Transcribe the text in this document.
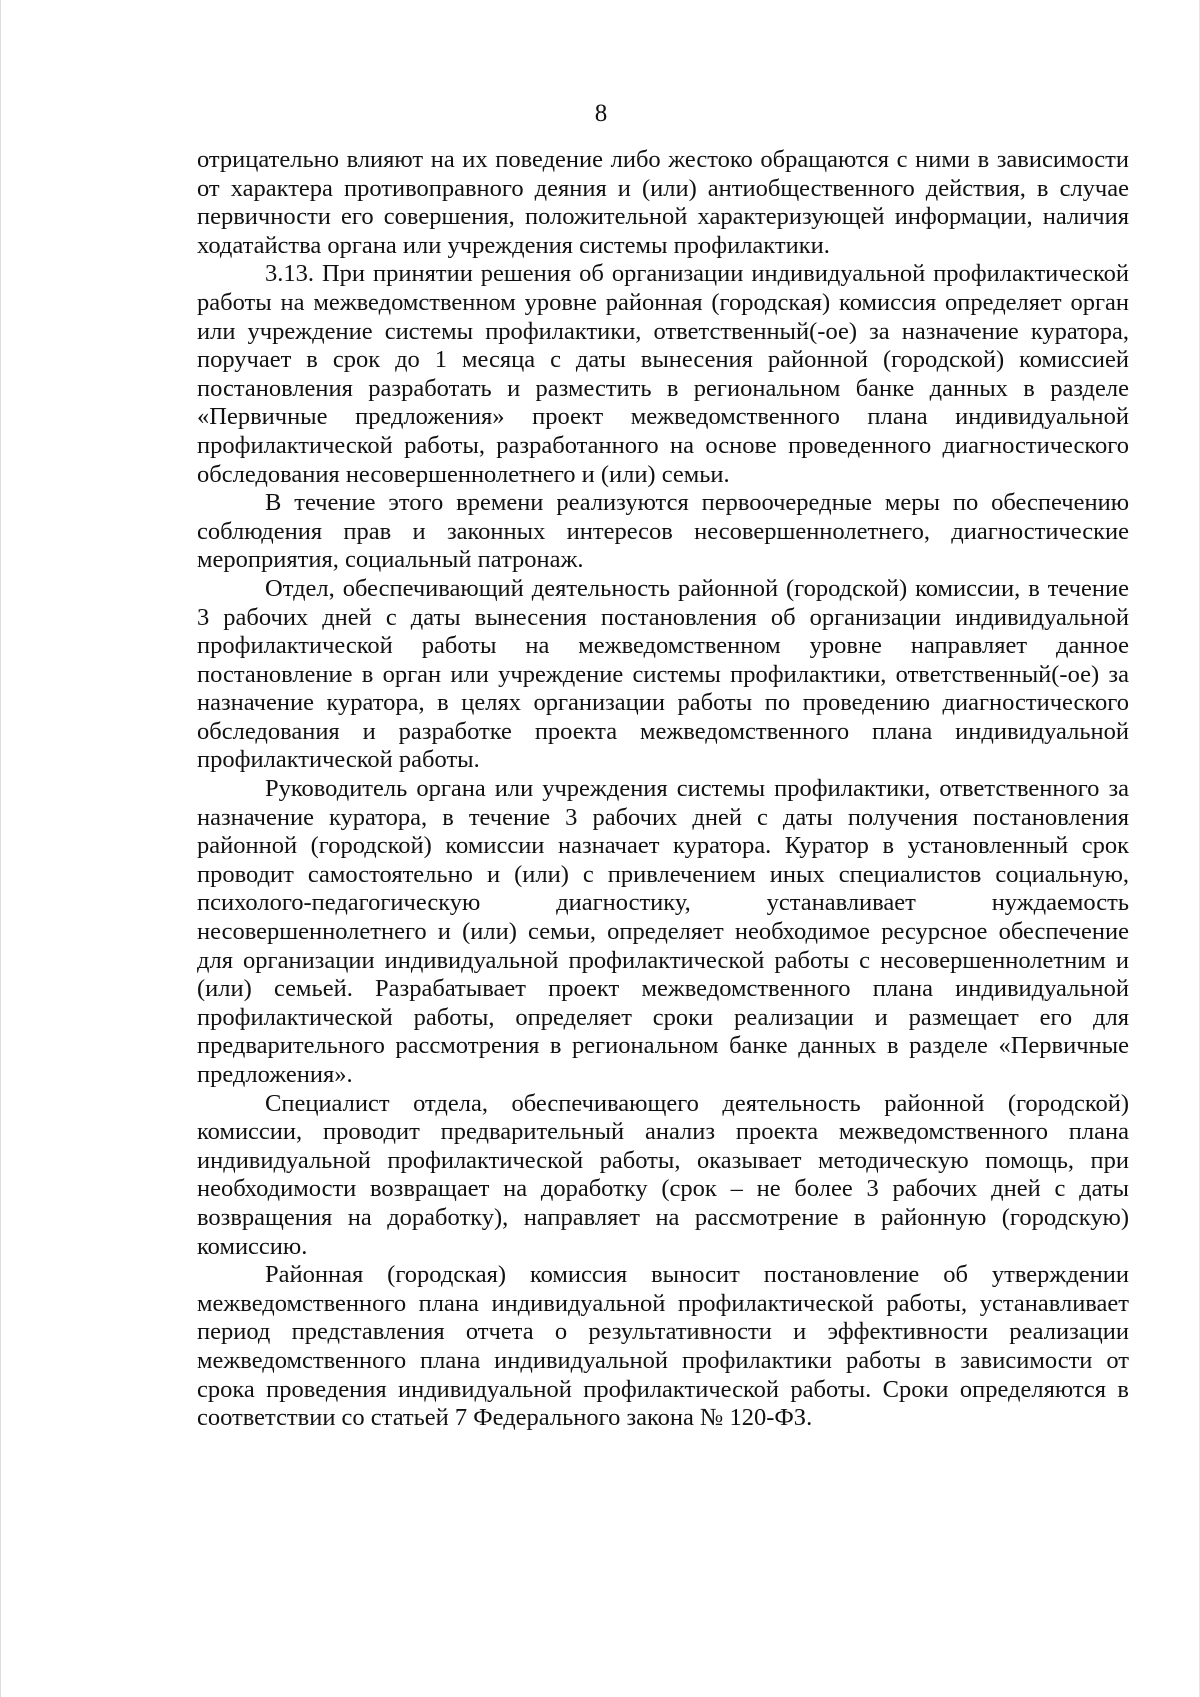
8

отрицательно влияют на их поведение либо жестоко обращаются с ними в зависимости от характера противоправного деяния и (или) антиобщественного действия, в случае первичности его совершения, положительной характеризующей информации, наличия ходатайства органа или учреждения системы профилактики.

3.13. При принятии решения об организации индивидуальной профилактической работы на межведомственном уровне районная (городская) комиссия определяет орган или учреждение системы профилактики, ответственный(-ое) за назначение куратора, поручает в срок до 1 месяца с даты вынесения районной (городской) комиссией постановления разработать и разместить в региональном банке данных в разделе «Первичные предложения» проект межведомственного плана индивидуальной профилактической работы, разработанного на основе проведенного диагностического обследования несовершеннолетнего и (или) семьи.

В течение этого времени реализуются первоочередные меры по обеспечению соблюдения прав и законных интересов несовершеннолетнего, диагностические мероприятия, социальный патронаж.

Отдел, обеспечивающий деятельность районной (городской) комиссии, в течение 3 рабочих дней с даты вынесения постановления об организации индивидуальной профилактической работы на межведомственном уровне направляет данное постановление в орган или учреждение системы профилактики, ответственный(-ое) за назначение куратора, в целях организации работы по проведению диагностического обследования и разработке проекта межведомственного плана индивидуальной профилактической работы.

Руководитель органа или учреждения системы профилактики, ответственного за назначение куратора, в течение 3 рабочих дней с даты получения постановления районной (городской) комиссии назначает куратора. Куратор в установленный срок проводит самостоятельно и (или) с привлечением иных специалистов социальную, психолого-педагогическую диагностику, устанавливает нуждаемость несовершеннолетнего и (или) семьи, определяет необходимое ресурсное обеспечение для организации индивидуальной профилактической работы с несовершеннолетним и (или) семьей. Разрабатывает проект межведомственного плана индивидуальной профилактической работы, определяет сроки реализации и размещает его для предварительного рассмотрения в региональном банке данных в разделе «Первичные предложения».

Специалист отдела, обеспечивающего деятельность районной (городской) комиссии, проводит предварительный анализ проекта межведомственного плана индивидуальной профилактической работы, оказывает методическую помощь, при необходимости возвращает на доработку (срок – не более 3 рабочих дней с даты возвращения на доработку), направляет на рассмотрение в районную (городскую) комиссию.

Районная (городская) комиссия выносит постановление об утверждении межведомственного плана индивидуальной профилактической работы, устанавливает период представления отчета о результативности и эффективности реализации межведомственного плана индивидуальной профилактики работы в зависимости от срока проведения индивидуальной профилактической работы. Сроки определяются в соответствии со статьей 7 Федерального закона № 120-ФЗ.
